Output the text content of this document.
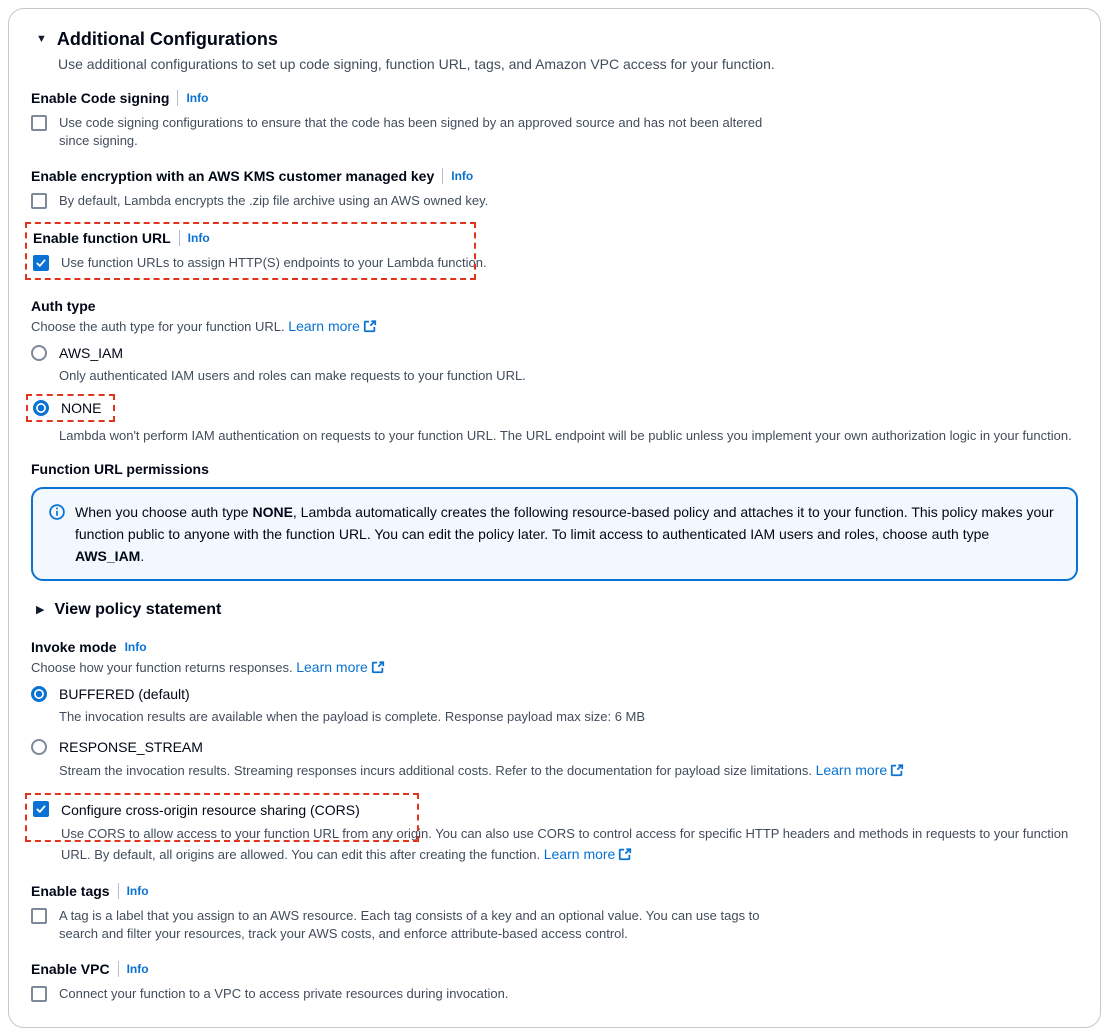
▼ Additional Configurations
Use additional configurations to set up code signing, function URL, tags, and Amazon VPC access for your function.
Enable Code signing Info
Use code signing configurations to ensure that the code has been signed by an approved source and has not been altered since signing.
Enable encryption with an AWS KMS customer managed key Info
By default, Lambda encrypts the .zip file archive using an AWS owned key.
Enable function URL Info
Use function URLs to assign HTTP(S) endpoints to your Lambda function.
Auth type
Choose the auth type for your function URL. Learn more
AWS_IAM
Only authenticated IAM users and roles can make requests to your function URL.
NONE
Lambda won't perform IAM authentication on requests to your function URL. The URL endpoint will be public unless you implement your own authorization logic in your function.
Function URL permissions
When you choose auth type NONE, Lambda automatically creates the following resource-based policy and attaches it to your function. This policy makes your function public to anyone with the function URL. You can edit the policy later. To limit access to authenticated IAM users and roles, choose auth type AWS_IAM.
▶ View policy statement
Invoke mode Info
Choose how your function returns responses. Learn more
BUFFERED (default)
The invocation results are available when the payload is complete. Response payload max size: 6 MB
RESPONSE_STREAM
Stream the invocation results. Streaming responses incurs additional costs. Refer to the documentation for payload size limitations. Learn more
Configure cross-origin resource sharing (CORS)
Use CORS to allow access to your function URL from any origin. You can also use CORS to control access for specific HTTP headers and methods in requests to your function URL. By default, all origins are allowed. You can edit this after creating the function. Learn more
Enable tags Info
A tag is a label that you assign to an AWS resource. Each tag consists of a key and an optional value. You can use tags to search and filter your resources, track your AWS costs, and enforce attribute-based access control.
Enable VPC Info
Connect your function to a VPC to access private resources during invocation.
